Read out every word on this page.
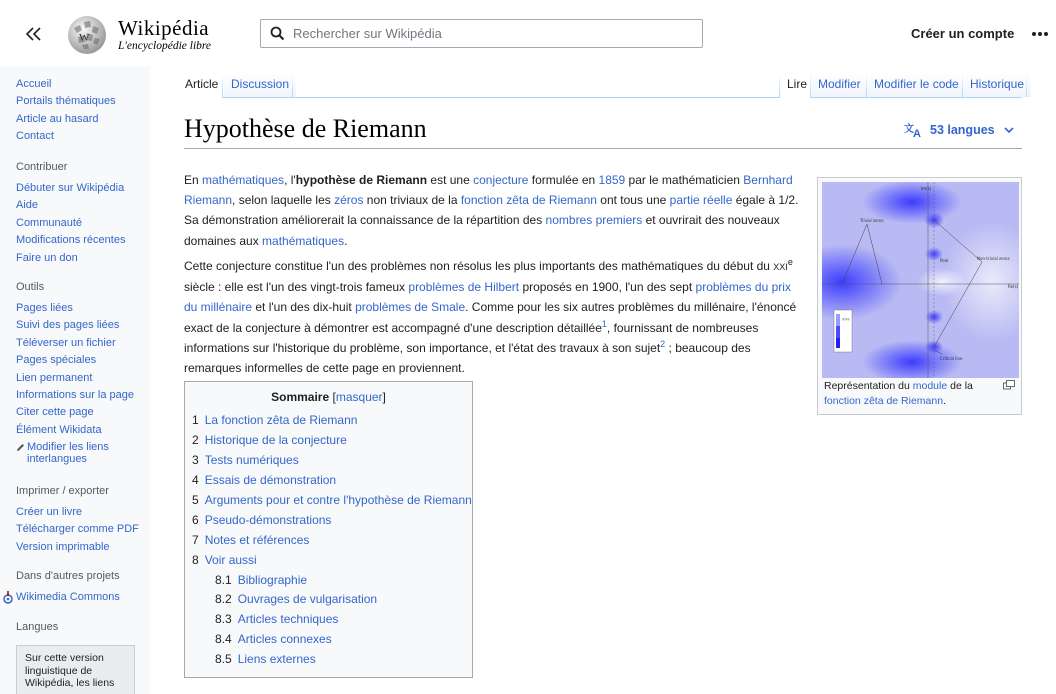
W Wikipédia
L'encyclopédie libre
Rechercher sur Wikipédia
Créer un compte
Accueil
Portails thématiques
Article au hasard
Contact
Contribuer
Débuter sur Wikipédia
Aide
Communauté
Modifications récentes
Faire un don
Outils
Pages liées
Suivi des pages liées
Téléverser un fichier
Pages spéciales
Lien permanent
Informations sur la page
Citer cette page
Élément Wikidata
Modifier les liens interlangues
Imprimer / exporter
Créer un livre
Télécharger comme PDF
Version imprimable
Dans d'autres projets
Wikimedia Commons
Langues
Sur cette version linguistique de Wikipédia, les liens
Article	Discussion	Lire Modifier	Modifier le code Historique
Hypothèse de Riemann	文 A 53 langues
En mathématiques, l'hypothèse de Riemann est une conjecture formulée en 1859 par le mathématicien Bernhard Riemann, selon laquelle les zéros non triviaux de la fonction zêta de Riemann ont tous une partie réelle égale à 1/2. Sa démonstration améliorerait la connaissance de la répartition des nombres premiers et ouvrirait des nouveaux domaines aux mathématiques.
Cette conjecture constitue l'un des problèmes non résolus les plus importants des mathématiques du début du XXIe siècle : elle est l'un des vingt-trois fameux problèmes de Hilbert proposés en 1900, l'un des sept problèmes du prix du millénaire et l'un des dix-huit problèmes de Smale. Comme pour les six autres problèmes du millénaire, l'énoncé exact de la conjecture à démontrer est accompagné d'une description détaillée$^1$, fournissant de nombreuses informations sur l'historique du problème, son importance, et l'état des travaux à son sujet$^2$ ; beaucoup des remarques informelles de cette page en proviennent.
Sommaire [masquer]
1 La fonction zêta de Riemann
2 Historique de la conjecture
3 Tests numériques
4 Essais de démonstration
5 Arguments pour et contre l'hypothèse de Riemann
6 Pseudo-démonstrations
7 Notes et références
8 Voir aussi
8.1 Bibliographie
8.2 Ouvrages de vulgarisation
8.3 Articles techniques
8.4 Articles connexes
8.5 Liens externes
Trivial zeros
Non-trivial zeros
Pole
Critical line
Im(s)
Re(s)
|ζ(s)|
Représentation du module de la fonction zêta de Riemann.
